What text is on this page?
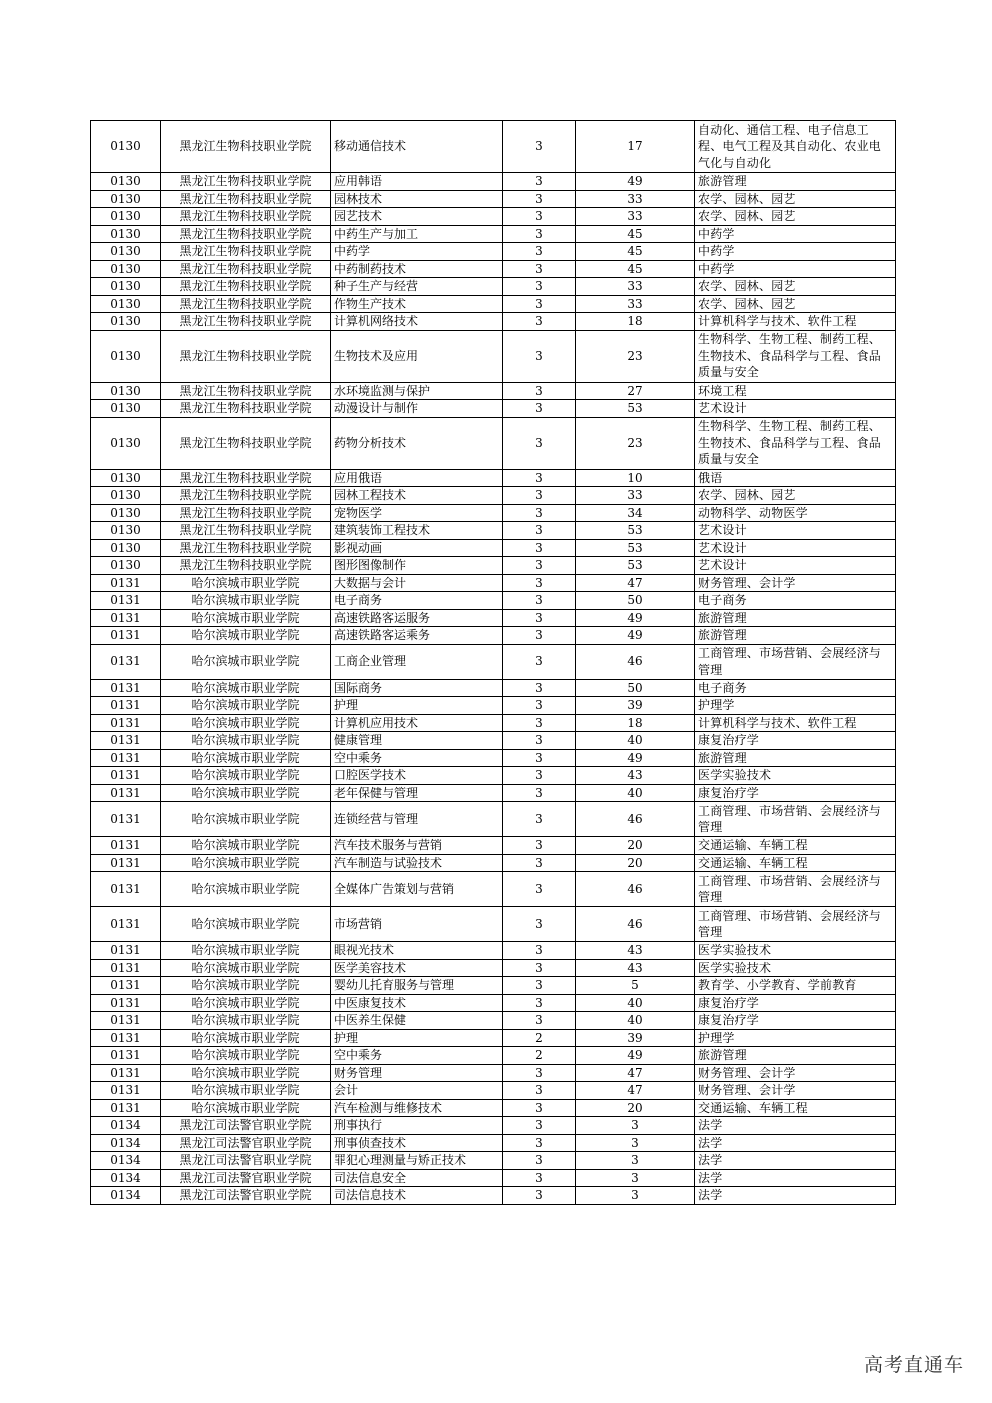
0130	黑龙江生物科技职业学院	移动通信技术	3	17	自动化、通信工程、电子信息工程、电气工程及其自动化、农业电气化与自动化
0130	黑龙江生物科技职业学院	应用韩语	3	49	旅游管理
0130	黑龙江生物科技职业学院	园林技术	3	33	农学、园林、园艺
0130	黑龙江生物科技职业学院	园艺技术	3	33	农学、园林、园艺
0130	黑龙江生物科技职业学院	中药生产与加工	3	45	中药学
0130	黑龙江生物科技职业学院	中药学	3	45	中药学
0130	黑龙江生物科技职业学院	中药制药技术	3	45	中药学
0130	黑龙江生物科技职业学院	种子生产与经营	3	33	农学、园林、园艺
0130	黑龙江生物科技职业学院	作物生产技术	3	33	农学、园林、园艺
0130	黑龙江生物科技职业学院	计算机网络技术	3	18	计算机科学与技术、软件工程
0130	黑龙江生物科技职业学院	生物技术及应用	3	23	生物科学、生物工程、制药工程、生物技术、食品科学与工程、食品质量与安全
0130	黑龙江生物科技职业学院	水环境监测与保护	3	27	环境工程
0130	黑龙江生物科技职业学院	动漫设计与制作	3	53	艺术设计
0130	黑龙江生物科技职业学院	药物分析技术	3	23	生物科学、生物工程、制药工程、生物技术、食品科学与工程、食品质量与安全
0130	黑龙江生物科技职业学院	应用俄语	3	10	俄语
0130	黑龙江生物科技职业学院	园林工程技术	3	33	农学、园林、园艺
0130	黑龙江生物科技职业学院	宠物医学	3	34	动物科学、动物医学
0130	黑龙江生物科技职业学院	建筑装饰工程技术	3	53	艺术设计
0130	黑龙江生物科技职业学院	影视动画	3	53	艺术设计
0130	黑龙江生物科技职业学院	图形图像制作	3	53	艺术设计
0131	哈尔滨城市职业学院	大数据与会计	3	47	财务管理、会计学
0131	哈尔滨城市职业学院	电子商务	3	50	电子商务
0131	哈尔滨城市职业学院	高速铁路客运服务	3	49	旅游管理
0131	哈尔滨城市职业学院	高速铁路客运乘务	3	49	旅游管理
0131	哈尔滨城市职业学院	工商企业管理	3	46	工商管理、市场营销、会展经济与管理
0131	哈尔滨城市职业学院	国际商务	3	50	电子商务
0131	哈尔滨城市职业学院	护理	3	39	护理学
0131	哈尔滨城市职业学院	计算机应用技术	3	18	计算机科学与技术、软件工程
0131	哈尔滨城市职业学院	健康管理	3	40	康复治疗学
0131	哈尔滨城市职业学院	空中乘务	3	49	旅游管理
0131	哈尔滨城市职业学院	口腔医学技术	3	43	医学实验技术
0131	哈尔滨城市职业学院	老年保健与管理	3	40	康复治疗学
0131	哈尔滨城市职业学院	连锁经营与管理	3	46	工商管理、市场营销、会展经济与管理
0131	哈尔滨城市职业学院	汽车技术服务与营销	3	20	交通运输、车辆工程
0131	哈尔滨城市职业学院	汽车制造与试验技术	3	20	交通运输、车辆工程
0131	哈尔滨城市职业学院	全媒体广告策划与营销	3	46	工商管理、市场营销、会展经济与管理
0131	哈尔滨城市职业学院	市场营销	3	46	工商管理、市场营销、会展经济与管理
0131	哈尔滨城市职业学院	眼视光技术	3	43	医学实验技术
0131	哈尔滨城市职业学院	医学美容技术	3	43	医学实验技术
0131	哈尔滨城市职业学院	婴幼儿托育服务与管理	3	5	教育学、小学教育、学前教育
0131	哈尔滨城市职业学院	中医康复技术	3	40	康复治疗学
0131	哈尔滨城市职业学院	中医养生保健	3	40	康复治疗学
0131	哈尔滨城市职业学院	护理	2	39	护理学
0131	哈尔滨城市职业学院	空中乘务	2	49	旅游管理
0131	哈尔滨城市职业学院	财务管理	3	47	财务管理、会计学
0131	哈尔滨城市职业学院	会计	3	47	财务管理、会计学
0131	哈尔滨城市职业学院	汽车检测与维修技术	3	20	交通运输、车辆工程
0134	黑龙江司法警官职业学院	刑事执行	3	3	法学
0134	黑龙江司法警官职业学院	刑事侦查技术	3	3	法学
0134	黑龙江司法警官职业学院	罪犯心理测量与矫正技术	3	3	法学
0134	黑龙江司法警官职业学院	司法信息安全	3	3	法学
0134	黑龙江司法警官职业学院	司法信息技术	3	3	法学
高考直通车
